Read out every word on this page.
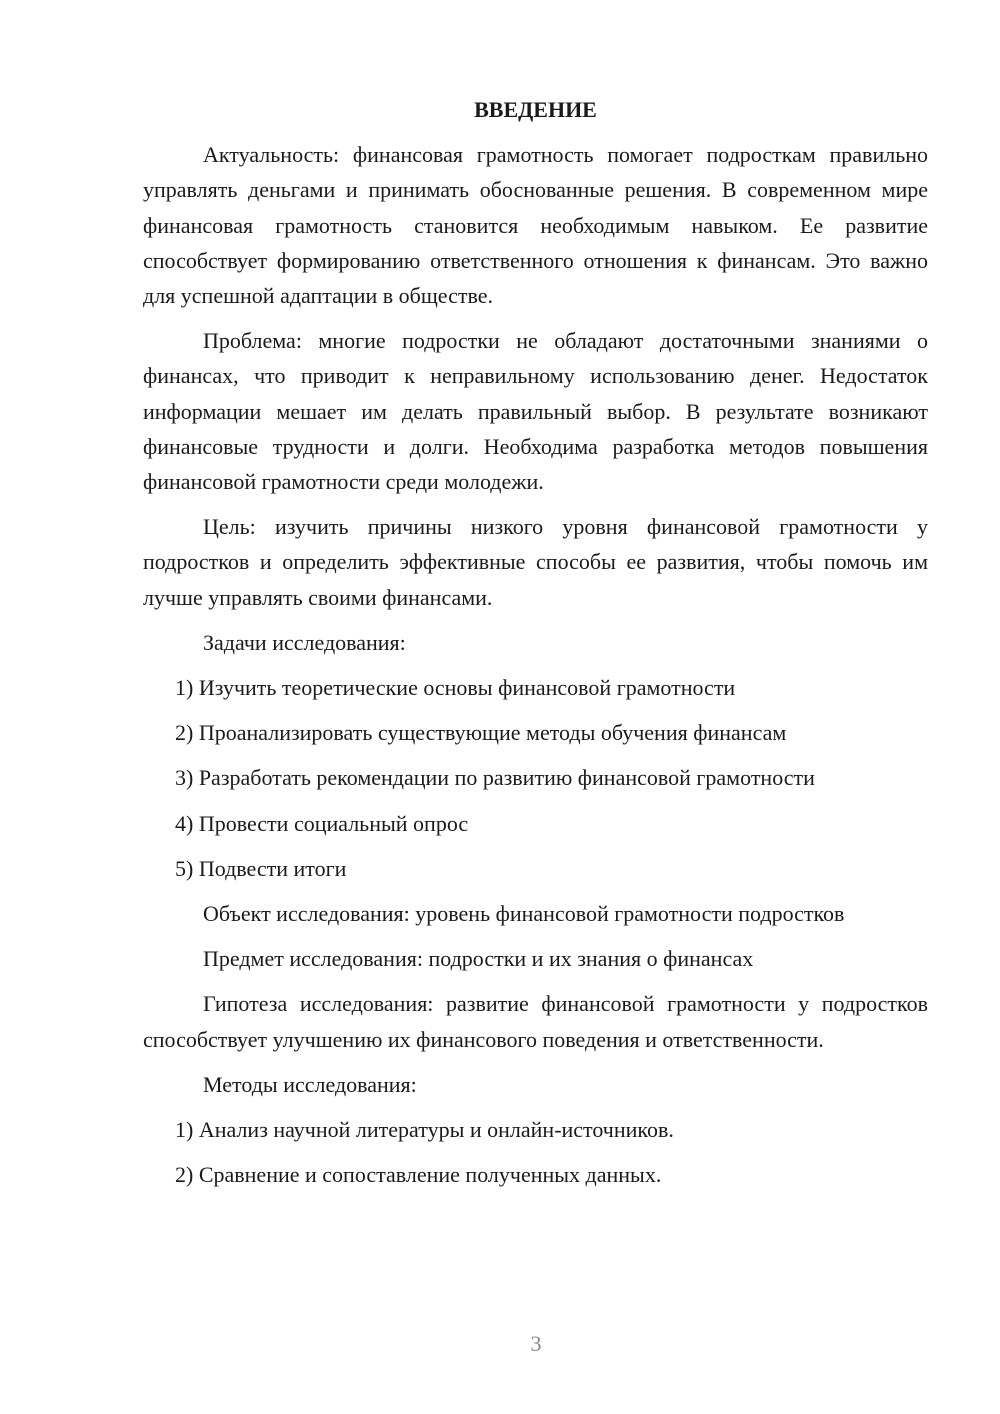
ВВЕДЕНИЕ
Актуальность: финансовая грамотность помогает подросткам правильно управлять деньгами и принимать обоснованные решения. В современном мире финансовая грамотность становится необходимым навыком. Ее развитие способствует формированию ответственного отношения к финансам. Это важно для успешной адаптации в обществе.
Проблема: многие подростки не обладают достаточными знаниями о финансах, что приводит к неправильному использованию денег. Недостаток информации мешает им делать правильный выбор. В результате возникают финансовые трудности и долги. Необходима разработка методов повышения финансовой грамотности среди молодежи.
Цель: изучить причины низкого уровня финансовой грамотности у подростков и определить эффективные способы ее развития, чтобы помочь им лучше управлять своими финансами.
Задачи исследования:
1) Изучить теоретические основы финансовой грамотности
2) Проанализировать существующие методы обучения финансам
3) Разработать рекомендации по развитию финансовой грамотности
4) Провести социальный опрос
5) Подвести итоги
Объект исследования: уровень финансовой грамотности подростков
Предмет исследования: подростки и их знания о финансах
Гипотеза исследования: развитие финансовой грамотности у подростков способствует улучшению их финансового поведения и ответственности.
Методы исследования:
1) Анализ научной литературы и онлайн-источников.
2) Сравнение и сопоставление полученных данных.
3
